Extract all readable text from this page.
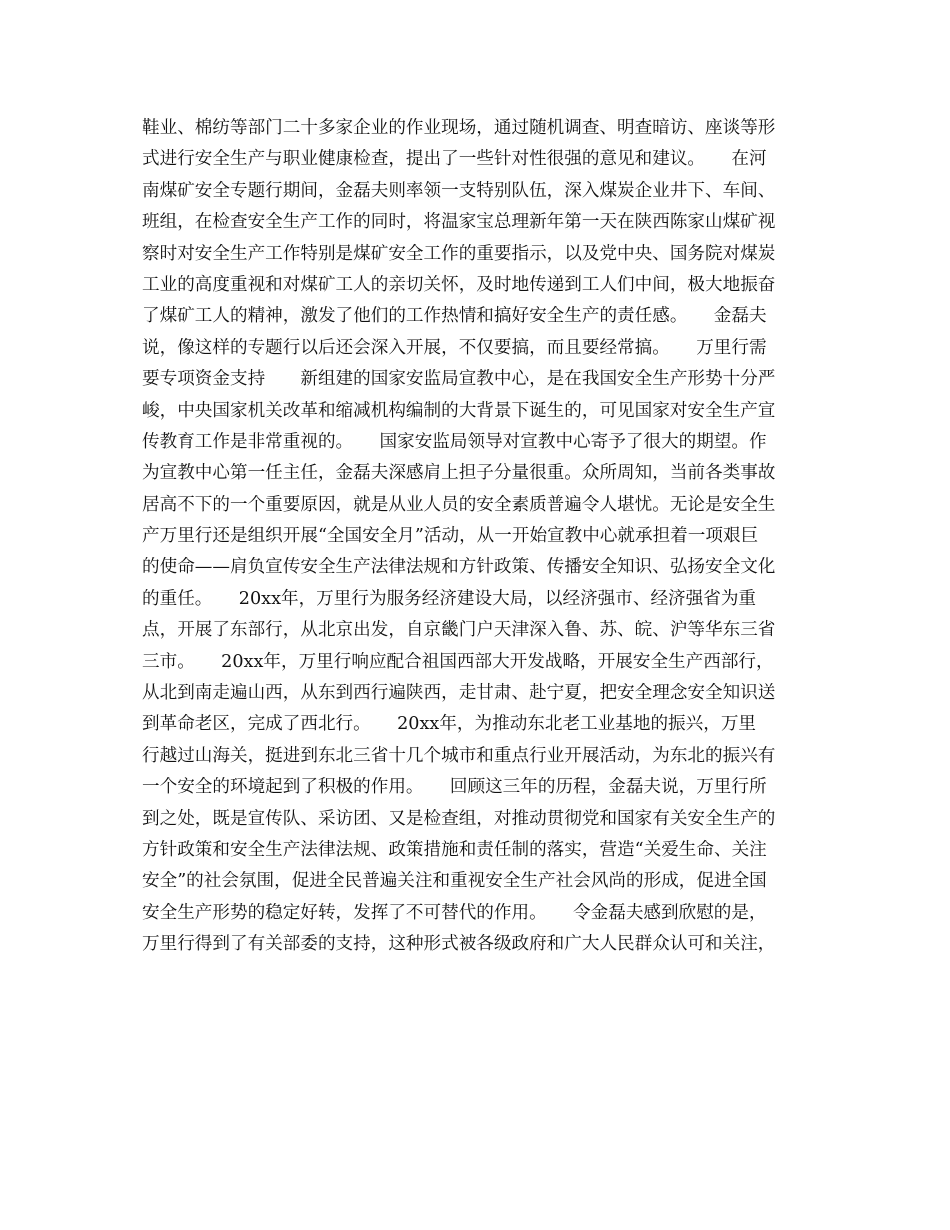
鞋业、棉纺等部门二十多家企业的作业现场，通过随机调查、明查暗访、座谈等形
式进行安全生产与职业健康检查，提出了一些针对性很强的意见和建议。　　在河
南煤矿安全专题行期间，金磊夫则率领一支特别队伍，深入煤炭企业井下、车间、
班组，在检查安全生产工作的同时，将温家宝总理新年第一天在陕西陈家山煤矿视
察时对安全生产工作特别是煤矿安全工作的重要指示，以及党中央、国务院对煤炭
工业的高度重视和对煤矿工人的亲切关怀，及时地传递到工人们中间，极大地振奋
了煤矿工人的精神，激发了他们的工作热情和搞好安全生产的责任感。　　金磊夫
说，像这样的专题行以后还会深入开展，不仅要搞，而且要经常搞。　　万里行需
要专项资金支持　　新组建的国家安监局宣教中心，是在我国安全生产形势十分严
峻，中央国家机关改革和缩减机构编制的大背景下诞生的，可见国家对安全生产宣
传教育工作是非常重视的。　　国家安监局领导对宣教中心寄予了很大的期望。作
为宣教中心第一任主任，金磊夫深感肩上担子分量很重。众所周知，当前各类事故
居高不下的一个重要原因，就是从业人员的安全素质普遍令人堪忧。无论是安全生
产万里行还是组织开展“全国安全月”活动，从一开始宣教中心就承担着一项艰巨
的使命——肩负宣传安全生产法律法规和方针政策、传播安全知识、弘扬安全文化
的重任。　　20xx年，万里行为服务经济建设大局，以经济强市、经济强省为重
点，开展了东部行，从北京出发，自京畿门户天津深入鲁、苏、皖、沪等华东三省
三市。　　20xx年，万里行响应配合祖国西部大开发战略，开展安全生产西部行，
从北到南走遍山西，从东到西行遍陕西，走甘肃、赴宁夏，把安全理念安全知识送
到革命老区，完成了西北行。　　20xx年，为推动东北老工业基地的振兴，万里
行越过山海关，挺进到东北三省十几个城市和重点行业开展活动，为东北的振兴有
一个安全的环境起到了积极的作用。　　回顾这三年的历程，金磊夫说，万里行所
到之处，既是宣传队、采访团、又是检查组，对推动贯彻党和国家有关安全生产的
方针政策和安全生产法律法规、政策措施和责任制的落实，营造“关爱生命、关注
安全”的社会氛围，促进全民普遍关注和重视安全生产社会风尚的形成，促进全国
安全生产形势的稳定好转，发挥了不可替代的作用。　　令金磊夫感到欣慰的是，
万里行得到了有关部委的支持，这种形式被各级政府和广大人民群众认可和关注，
